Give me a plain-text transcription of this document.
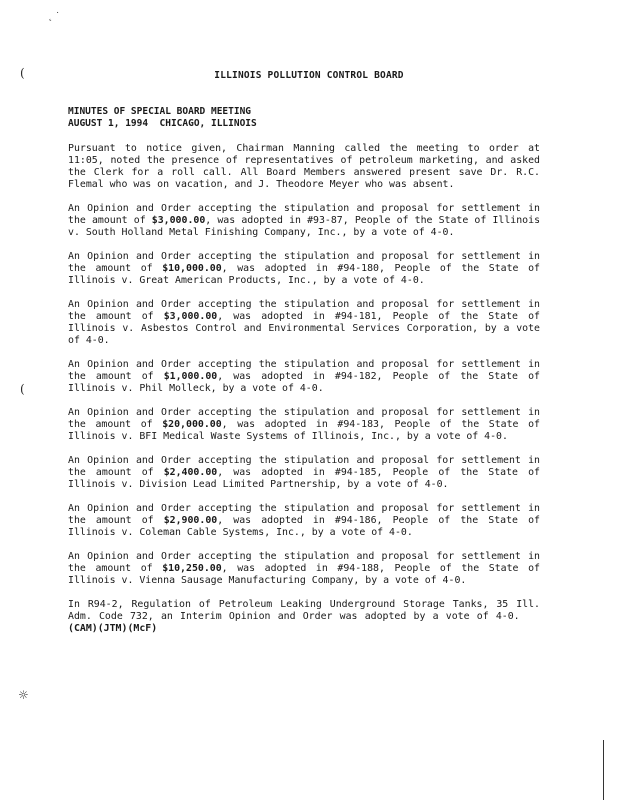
˛ ˙
(
(
☼
ILLINOIS POLLUTION CONTROL BOARD
MINUTES OF SPECIAL BOARD MEETING
AUGUST 1, 1994  CHICAGO, ILLINOIS

Pursuant to notice given, Chairman Manning called the meeting to order at 11:05, noted the presence of representatives of petroleum marketing, and asked the Clerk for a roll call. All Board Members answered present save Dr. R.C. Flemal who was on vacation, and J. Theodore Meyer who was absent.

An Opinion and Order accepting the stipulation and proposal for settlement in the amount of $3,000.00, was adopted in #93-87, People of the State of Illinois v. South Holland Metal Finishing Company, Inc., by a vote of 4-0.

An Opinion and Order accepting the stipulation and proposal for settlement in the amount of $10,000.00, was adopted in #94-180, People of the State of Illinois v. Great American Products, Inc., by a vote of 4-0.

An Opinion and Order accepting the stipulation and proposal for settlement in the amount of $3,000.00, was adopted in #94-181, People of the State of Illinois v. Asbestos Control and Environmental Services Corporation, by a vote of 4-0.

An Opinion and Order accepting the stipulation and proposal for settlement in the amount of $1,000.00, was adopted in #94-182, People of the State of Illinois v. Phil Molleck, by a vote of 4-0.

An Opinion and Order accepting the stipulation and proposal for settlement in the amount of $20,000.00, was adopted in #94-183, People of the State of Illinois v. BFI Medical Waste Systems of Illinois, Inc., by a vote of 4-0.

An Opinion and Order accepting the stipulation and proposal for settlement in the amount of $2,400.00, was adopted in #94-185, People of the State of Illinois v. Division Lead Limited Partnership, by a vote of 4-0.

An Opinion and Order accepting the stipulation and proposal for settlement in the amount of $2,900.00, was adopted in #94-186, People of the State of Illinois v. Coleman Cable Systems, Inc., by a vote of 4-0.

An Opinion and Order accepting the stipulation and proposal for settlement in the amount of $10,250.00, was adopted in #94-188, People of the State of Illinois v. Vienna Sausage Manufacturing Company, by a vote of 4-0.

In R94-2, Regulation of Petroleum Leaking Underground Storage Tanks, 35 Ill. Adm. Code 732, an Interim Opinion and Order was adopted by a vote of 4-0.    (CAM)(JTM)(McF)
